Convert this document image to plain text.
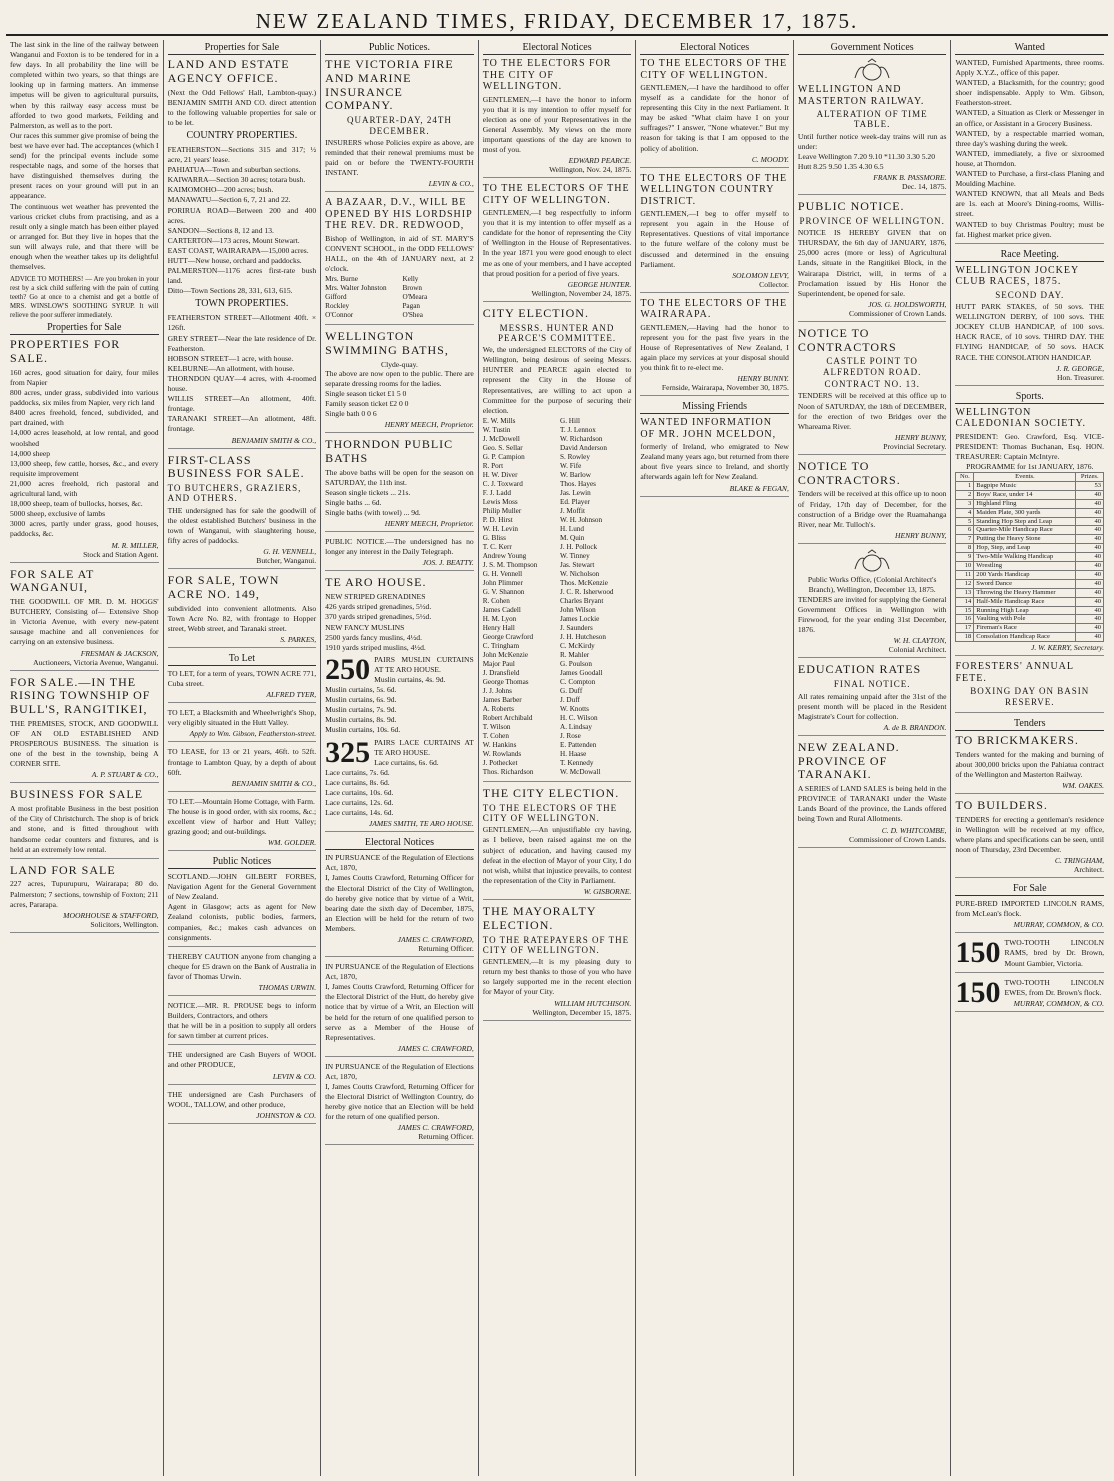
NEW ZEALAND TIMES, FRIDAY, DECEMBER 17, 1875.

The last sink in the line of the railway between Wanganui and Foxton is to be tendered for in a few days. In all probability the line will be completed within two years, so that things are looking up in farming matters. An immense impetus will be given to agricultural pursuits, when by this railway easy access must be afforded to two good markets, Feilding and Palmerston, as well as to the port.

Our races this summer give promise of being the best we have ever had. The acceptances (which I send) for the principal events include some respectable nags, and some of the horses that have distinguished themselves during the present races on your ground will put in an appearance.

The continuous wet weather has prevented the various cricket clubs from practising, and as a result only a single match has been either played or arranged for. But they live in hopes that the sun will always rule, and that there will be enough when the weather takes up its delightful themselves.

ADVICE TO MOTHERS! — Are you broken in your rest by a sick child suffering with the pain of cutting teeth? Go at once to a chemist and get a bottle of MRS. WINSLOW'S SOOTHING SYRUP. It will relieve the poor sufferer immediately.

Properties for Sale
PROPERTIES FOR SALE.

160 acres, good situation for dairy, four miles from Napier

800 acres, under grass, subdivided into various paddocks, six miles from Napier, very rich land

8400 acres freehold, fenced, subdivided, and part drained, with

14,000 acres leasehold, at low rental, and good woolshed

14,000 sheep

13,000 sheep, few cattle, horses, &c., and every requisite improvement

21,000 acres freehold, rich pastoral and agricultural land, with

18,000 sheep, team of bullocks, horses, &c.

5000 sheep, exclusive of lambs

3000 acres, partly under grass, good houses, paddocks, &c.

M. R. MILLER,

Stock and Station Agent.

FOR SALE AT WANGANUI,

THE GOODWILL OF MR. D. M. HOGGS' BUTCHERY, Consisting of— Extensive Shop in Victoria Avenue, with every new-patent sausage machine and all conveniences for carrying on an extensive business.

FRESMAN & JACKSON,

Auctioneers, Victoria Avenue, Wanganui.

FOR SALE.—IN THE RISING TOWNSHIP OF BULL'S, RANGITIKEI,

THE PREMISES, STOCK, AND GOODWILL OF AN OLD ESTABLISHED AND PROSPEROUS BUSINESS. The situation is one of the best in the township, being A CORNER SITE.

A. P. STUART & CO.,

BUSINESS FOR SALE

A most profitable Business in the best position of the City of Christchurch. The shop is of brick and stone, and is fitted throughout with handsome cedar counters and fixtures, and is held at an extremely low rental.

LAND FOR SALE

227 acres, Tupurupuru, Wairarapa; 80 do. Palmerston; 7 sections, township of Foxton; 211 acres, Pararapa.

MOORHOUSE & STAFFORD,

Solicitors, Wellington.

Properties for Sale
LAND AND ESTATE AGENCY OFFICE.

(Next the Odd Fellows' Hall, Lambton-quay.) BENJAMIN SMITH AND CO. direct attention to the following valuable properties for sale or to be let.

COUNTRY PROPERTIES.

FEATHERSTON—Sections 315 and 317; ½ acre, 21 years' lease.

PAHIATUA—Town and suburban sections.

KAIWARRA—Section 30 acres; totara bush.

KAIMOMOHO—200 acres; bush.

MANAWATU—Section 6, 7, 21 and 22.

PORIRUA ROAD—Between 200 and 400 acres.

SANDON—Sections 8, 12 and 13.

CARTERTON—173 acres, Mount Stewart.

EAST COAST, WAIRARAPA—15,000 acres.

HUTT—New house, orchard and paddocks.

PALMERSTON—1176 acres first-rate bush land.

Ditto—Town Sections 28, 331, 613, 615.

TOWN PROPERTIES.

FEATHERSTON STREET—Allotment 40ft. × 126ft.

GREY STREET—Near the late residence of Dr. Featherston.

HOBSON STREET—1 acre, with house.

KELBURNE—An allotment, with house.

THORNDON QUAY—4 acres, with 4-roomed house.

WILLIS STREET—An allotment, 40ft. frontage.

TARANAKI STREET—An allotment, 48ft. frontage.

BENJAMIN SMITH & CO.,

FIRST-CLASS BUSINESS FOR SALE.
TO BUTCHERS, GRAZIERS, AND OTHERS.

THE undersigned has for sale the goodwill of the oldest established Butchers' business in the town of Wanganui, with slaughtering house, fifty acres of paddocks.

G. H. VENNELL,

Butcher, Wanganui.

FOR SALE, TOWN ACRE NO. 149,

subdivided into convenient allotments. Also Town Acre No. 82, with frontage to Hopper street, Webb street, and Taranaki street.

S. PARKES,

To Let

TO LET, for a term of years, TOWN ACRE 771, Cuba street.

ALFRED TYER,

TO LET, a Blacksmith and Wheelwright's Shop, very eligibly situated in the Hutt Valley.

Apply to Wm. Gibson, Featherston-street.

TO LEASE, for 13 or 21 years, 46ft. to 52ft. frontage to Lambton Quay, by a depth of about 60ft.

BENJAMIN SMITH & CO.,

TO LET.—Mountain Home Cottage, with Farm.

The house is in good order, with six rooms, &c.; excellent view of harbor and Hutt Valley; grazing good; and out-buildings.

WM. GOLDER.

Public Notices

SCOTLAND.—JOHN GILBERT FORBES, Navigation Agent for the General Government of New Zealand.

Agent in Glasgow; acts as agent for New Zealand colonists, public bodies, farmers, companies, &c.; makes cash advances on consignments.

THEREBY CAUTION anyone from changing a cheque for £5 drawn on the Bank of Australia in favor of Thomas Urwin.

THOMAS URWIN.

NOTICE.—MR. R. PROUSE begs to inform Builders, Contractors, and others

that he will be in a position to supply all orders for sawn timber at current prices.

THE undersigned are Cash Buyers of WOOL and other PRODUCE,

LEVIN & CO.

THE undersigned are Cash Purchasers of WOOL, TALLOW, and other produce,

JOHNSTON & CO.

Public Notices.
THE VICTORIA FIRE AND MARINE INSURANCE COMPANY.
QUARTER-DAY, 24TH DECEMBER.

INSURERS whose Policies expire as above, are reminded that their renewal premiums must be paid on or before the TWENTY-FOURTH INSTANT.

LEVIN & CO.,

A BAZAAR, D.V., WILL BE OPENED BY HIS LORDSHIP THE REV. DR. REDWOOD,

Bishop of Wellington, in aid of ST. MARY'S CONVENT SCHOOL, in the ODD FELLOWS' HALL, on the 4th of JANUARY next, at 2 o'clock.

Mrs. Burne
Mrs. Walter Johnston
Gifford
Rockley
O'Connor
Kelly
Brown
O'Meara
Pagan
O'Shea
WELLINGTON SWIMMING BATHS,

Clyde-quay.

The above are now open to the public. There are separate dressing rooms for the ladies.

Single season ticket £1 5 0

Family season ticket £2 0 0

Single bath 0 0 6

HENRY MEECH, Proprietor.

THORNDON PUBLIC BATHS

The above baths will be open for the season on SATURDAY, the 11th inst.

Season single tickets ... 21s.

Single baths ... 6d.

Single baths (with towel) ... 9d.

HENRY MEECH, Proprietor.

PUBLIC NOTICE.—The undersigned has no longer any interest in the Daily Telegraph.

JOS. J. BEATTY.

TE ARO HOUSE.

NEW STRIPED GRENADINES

426 yards striped grenadines, 5½d.

370 yards striped grenadines, 5½d.

NEW FANCY MUSLINS

2500 yards fancy muslins, 4½d.

1910 yards striped muslins, 4½d.

250 PAIRS MUSLIN CURTAINS AT TE ARO HOUSE.

Muslin curtains, 4s. 9d.

Muslin curtains, 5s. 6d.

Muslin curtains, 6s. 9d.

Muslin curtains, 7s. 9d.

Muslin curtains, 8s. 9d.

Muslin curtains, 10s. 6d.

325 PAIRS LACE CURTAINS AT TE ARO HOUSE.

Lace curtains, 6s. 6d.

Lace curtains, 7s. 6d.

Lace curtains, 8s. 6d.

Lace curtains, 10s. 6d.

Lace curtains, 12s. 6d.

Lace curtains, 14s. 6d.

JAMES SMITH, TE ARO HOUSE.

Electoral Notices

IN PURSUANCE of the Regulation of Elections Act, 1870,

I, James Coutts Crawford, Returning Officer for the Electoral District of the City of Wellington, do hereby give notice that by virtue of a Writ, bearing date the sixth day of December, 1875, an Election will be held for the return of two Members.

JAMES C. CRAWFORD,

Returning Officer.

IN PURSUANCE of the Regulation of Elections Act, 1870,

I, James Coutts Crawford, Returning Officer for the Electoral District of the Hutt, do hereby give notice that by virtue of a Writ, an Election will be held for the return of one qualified person to serve as a Member of the House of Representatives.

JAMES C. CRAWFORD,

IN PURSUANCE of the Regulation of Elections Act, 1870,

I, James Coutts Crawford, Returning Officer for the Electoral District of Wellington Country, do hereby give notice that an Election will be held for the return of one qualified person.

JAMES C. CRAWFORD,

Returning Officer.

Electoral Notices
TO THE ELECTORS FOR THE CITY OF WELLINGTON.

GENTLEMEN,—I have the honor to inform you that it is my intention to offer myself for election as one of your Representatives in the General Assembly. My views on the more important questions of the day are known to most of you.

EDWARD PEARCE.

Wellington, Nov. 24, 1875.

TO THE ELECTORS OF THE CITY OF WELLINGTON.

GENTLEMEN,—I beg respectfully to inform you that it is my intention to offer myself as a candidate for the honor of representing the City of Wellington in the House of Representatives. In the year 1871 you were good enough to elect me as one of your members, and I have accepted that proud position for a period of five years.

GEORGE HUNTER.

Wellington, November 24, 1875.

CITY ELECTION.
MESSRS. HUNTER AND PEARCE'S COMMITTEE.

We, the undersigned ELECTORS of the City of Wellington, being desirous of seeing Messrs. HUNTER and PEARCE again elected to represent the City in the House of Representatives, are willing to act upon a Committee for the purpose of securing their election.

E. W. Mills
W. Tustin
J. McDowell
Geo. S. Sellar
G. P. Campion
R. Port
H. W. Diver
C. J. Toxward
F. J. Ladd
Lewis Moss
Philip Muller
P. D. Hirst
W. H. Levin
G. Bliss
T. C. Kerr
Andrew Young
J. S. M. Thompson
G. H. Vennell
John Plimmer
G. V. Shannon
R. Cohen
James Cadell
H. M. Lyon
Henry Hall
George Crawford
C. Tringham
John McKenzie
Major Paul
J. Dransfield
George Thomas
J. J. Johns
James Barber
A. Roberts
Robert Archibald
T. Wilson
T. Cohen
W. Hankins
W. Rowlands
J. Pothecket
Thos. Richardson
G. Hill
T. J. Lennox
W. Richardson
David Anderson
S. Rowley
W. Fife
W. Barlow
Thos. Hayes
Jas. Lewin
Ed. Player
J. Moffit
W. H. Johnson
H. Lund
M. Quin
J. H. Pollock
W. Tinney
Jas. Stewart
W. Nicholson
Thos. McKenzie
J. C. R. Isherwood
Charles Bryant
John Wilson
James Lockie
J. Saunders
J. H. Hutcheson
C. McKirdy
R. Mahler
G. Poulson
James Goodall
C. Compton
G. Duff
J. Duff
W. Knotts
H. C. Wilson
A. Lindsay
J. Rose
E. Pattenden
H. Haase
T. Kennedy
W. McDowall
THE CITY ELECTION.
TO THE ELECTORS OF THE CITY OF WELLINGTON.

GENTLEMEN,—An unjustifiable cry having, as I believe, been raised against me on the subject of education, and having caused my defeat in the election of Mayor of your City, I do not wish, whilst that injustice prevails, to contest the representation of the City in Parliament.

W. GISBORNE.

THE MAYORALTY ELECTION.
TO THE RATEPAYERS OF THE CITY OF WELLINGTON.

GENTLEMEN,—It is my pleasing duty to return my best thanks to those of you who have so largely supported me in the recent election for Mayor of your City.

WILLIAM HUTCHISON.

Wellington, December 15, 1875.

Electoral Notices
TO THE ELECTORS OF THE CITY OF WELLINGTON.

GENTLEMEN,—I have the hardihood to offer myself as a candidate for the honor of representing this City in the next Parliament. It may be asked "What claim have I on your suffrages?" I answer, "None whatever." But my reason for taking is that I am opposed to the policy of abolition.

C. MOODY.

TO THE ELECTORS OF THE WELLINGTON COUNTRY DISTRICT.

GENTLEMEN,—I beg to offer myself to represent you again in the House of Representatives. Questions of vital importance to the future welfare of the colony must be discussed and determined in the ensuing Parliament.

SOLOMON LEVY,

Collector.

TO THE ELECTORS OF THE WAIRARAPA.

GENTLEMEN,—Having had the honor to represent you for the past five years in the House of Representatives of New Zealand, I again place my services at your disposal should you think fit to re-elect me.

HENRY BUNNY.

Fernside, Wairarapa, November 30, 1875.

Missing Friends
WANTED INFORMATION OF MR. JOHN MCELDON,

formerly of Ireland, who emigrated to New Zealand many years ago, but returned from there about five years since to Ireland, and shortly afterwards again left for New Zealand.

BLAKE & FEGAN,

Government Notices
WELLINGTON AND MASTERTON RAILWAY.
ALTERATION OF TIME TABLE.

Until further notice week-day trains will run as under:

Leave Wellington 7.20 9.10 *11.30 3.30 5.20

Hutt 8.25 9.50 1.35 4.30 6.5

FRANK B. PASSMORE.

Dec. 14, 1875.

PUBLIC NOTICE.
PROVINCE OF WELLINGTON.

NOTICE IS HEREBY GIVEN that on THURSDAY, the 6th day of JANUARY, 1876, 25,000 acres (more or less) of Agricultural Lands, situate in the Rangitikei Block, in the Wairarapa District, will, in terms of a Proclamation issued by His Honor the Superintendent, be opened for sale.

JOS. G. HOLDSWORTH,

Commissioner of Crown Lands.

NOTICE TO CONTRACTORS
CASTLE POINT TO ALFREDTON ROAD.
CONTRACT NO. 13.

TENDERS will be received at this office up to Noon of SATURDAY, the 18th of DECEMBER, for the erection of two Bridges over the Whareama River.

HENRY BUNNY,

Provincial Secretary.

NOTICE TO CONTRACTORS.

Tenders will be received at this office up to noon of Friday, 17th day of December, for the construction of a Bridge over the Ruamahanga River, near Mr. Tulloch's.

HENRY BUNNY,

Public Works Office, (Colonial Architect's Branch), Wellington, December 13, 1875.

TENDERS are invited for supplying the General Government Offices in Wellington with Firewood, for the year ending 31st December, 1876.

W. H. CLAYTON,

Colonial Architect.

EDUCATION RATES
FINAL NOTICE.

All rates remaining unpaid after the 31st of the present month will be placed in the Resident Magistrate's Court for collection.

A. de B. BRANDON.

NEW ZEALAND. PROVINCE OF TARANAKI.

A SERIES of LAND SALES is being held in the PROVINCE of TARANAKI under the Waste Lands Board of the province, the Lands offered being Town and Rural Allotments.

C. D. WHITCOMBE,

Commissioner of Crown Lands.

Wanted

WANTED, Furnished Apartments, three rooms. Apply X.Y.Z., office of this paper.

WANTED, a Blacksmith, for the country; good shoer indispensable. Apply to Wm. Gibson, Featherston-street.

WANTED, a Situation as Clerk or Messenger in an office, or Assistant in a Grocery Business.

WANTED, by a respectable married woman, three day's washing during the week.

WANTED, immediately, a five or sixroomed house, at Thorndon.

WANTED to Purchase, a first-class Planing and Moulding Machine.

WANTED KNOWN, that all Meals and Beds are 1s. each at Moore's Dining-rooms, Willis-street.

WANTED to buy Christmas Poultry; must be fat. Highest market price given.

Race Meeting.
WELLINGTON JOCKEY CLUB RACES, 1875.
SECOND DAY.

HUTT PARK STAKES, of 50 sovs. THE WELLINGTON DERBY, of 100 sovs. THE JOCKEY CLUB HANDICAP, of 100 sovs. HACK RACE, of 10 sovs. THIRD DAY. THE FLYING HANDICAP, of 50 sovs. HACK RACE. THE CONSOLATION HANDICAP.

J. R. GEORGE,

Hon. Treasurer.

Sports.
WELLINGTON CALEDONIAN SOCIETY.

PRESIDENT: Geo. Crawford, Esq. VICE-PRESIDENT: Thomas Buchanan, Esq. HON. TREASURER: Captain McIntyre.

PROGRAMME for 1st JANUARY, 1876.

No.	Events.	Prizes.
1	Bagpipe Music	53
2	Boys' Race, under 14	40
3	Highland Fling	40
4	Maiden Plate, 300 yards	40
5	Standing Hop Step and Leap	40
6	Quarter-Mile Handicap Race	40
7	Putting the Heavy Stone	40
8	Hop, Step, and Leap	40
9	Two-Mile Walking Handicap	40
10	Wrestling	40
11	200 Yards Handicap	40
12	Sword Dance	40
13	Throwing the Heavy Hammer	40
14	Half-Mile Handicap Race	40
15	Running High Leap	40
16	Vaulting with Pole	40
17	Fireman's Race	40
18	Consolation Handicap Race	40

J. W. KERRY, Secretary.

FORESTERS' ANNUAL FETE.
BOXING DAY ON BASIN RESERVE.
Tenders
TO BRICKMAKERS.

Tenders wanted for the making and burning of about 300,000 bricks upon the Pahiatua contract of the Wellington and Masterton Railway.

WM. OAKES.

TO BUILDERS.

TENDERS for erecting a gentleman's residence in Wellington will be received at my office, where plans and specifications can be seen, until noon of Thursday, 23rd December.

C. TRINGHAM,

Architect.

For Sale

PURE-BRED IMPORTED LINCOLN RAMS, from McLean's flock.

MURRAY, COMMON, & CO.

150 TWO-TOOTH LINCOLN RAMS, bred by Dr. Brown, Mount Gambier, Victoria.

150 TWO-TOOTH LINCOLN EWES, from Dr. Brown's flock.

MURRAY, COMMON, & CO.
